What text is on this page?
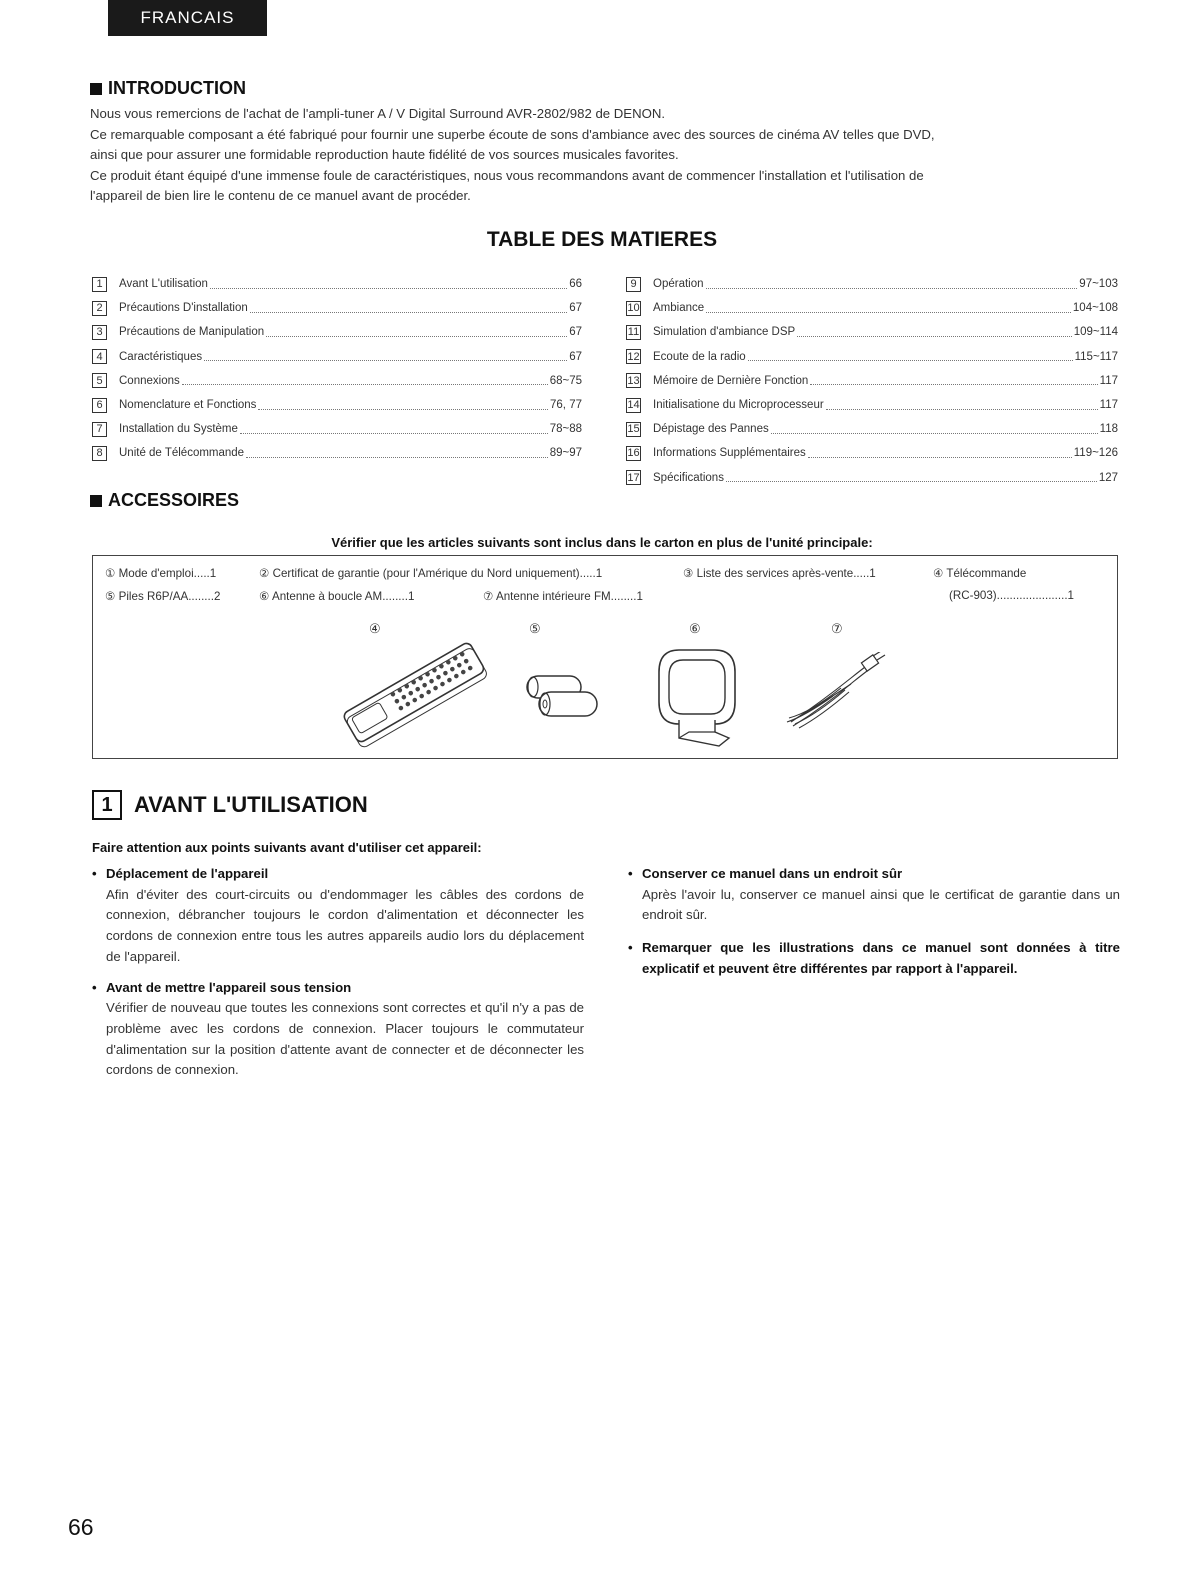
FRANCAIS
INTRODUCTION

Nous vous remercions de l'achat de l'ampli-tuner A / V Digital Surround AVR-2802/982 de DENON.

Ce remarquable composant a été fabriqué pour fournir une superbe écoute de sons d'ambiance avec des sources de cinéma AV telles que DVD,

ainsi que pour assurer une formidable reproduction haute fidélité de vos sources musicales favorites.

Ce produit étant équipé d'une immense foule de caractéristiques, nous vous recommandons avant de commencer l'installation et l'utilisation de

l'appareil de bien lire le contenu de ce manuel avant de procéder.

TABLE DES MATIERES
1	Avant L'utilisation	66
2	Précautions D'installation	67
3	Précautions de Manipulation	67
4	Caractéristiques	67
5	Connexions	68~75
6	Nomenclature et Fonctions	76, 77
7	Installation du Système	78~88
8	Unité de Télécommande	89~97
9	Opération	97~103
10 Ambiance	104~108
11 Simulation d'ambiance DSP	109~114
12 Ecoute de la radio	115~117
13 Mémoire de Dernière Fonction	117
14 Initialisatione du Microprocesseur	117
15 Dépistage des Pannes	118
16 Informations Supplémentaires	119~126
17 Spécifications	127
ACCESSOIRES
Vérifier que les articles suivants sont inclus dans le carton en plus de l'unité principale:
① Mode d'emploi.....1	② Certificat de garantie (pour l'Amérique du Nord uniquement).....1	③ Liste des services après-vente.....1	④ Télécommande
⑤ Piles R6P/AA........2	⑥ Antenne à boucle AM........1	⑦ Antenne intérieure FM........1	(RC-903)......................1
④	⑤	⑥	⑦
1 AVANT L'UTILISATION
Faire attention aux points suivants avant d'utiliser cet appareil:
• Déplacement de l'appareil
Afin d'éviter des court-circuits ou d'endommager les câbles des cordons de connexion, débrancher toujours le cordon d'alimentation et déconnecter les cordons de connexion entre tous les autres appareils audio lors du déplacement de l'appareil.
• Avant de mettre l'appareil sous tension
Vérifier de nouveau que toutes les connexions sont correctes et qu'il n'y a pas de problème avec les cordons de connexion. Placer toujours le commutateur d'alimentation sur la position d'attente avant de connecter et de déconnecter les cordons de connexion.
• Conserver ce manuel dans un endroit sûr
Après l'avoir lu, conserver ce manuel ainsi que le certificat de garantie dans un endroit sûr.
• Remarquer que les illustrations dans ce manuel sont données à titre explicatif et peuvent être différentes par rapport à l'appareil.
66
